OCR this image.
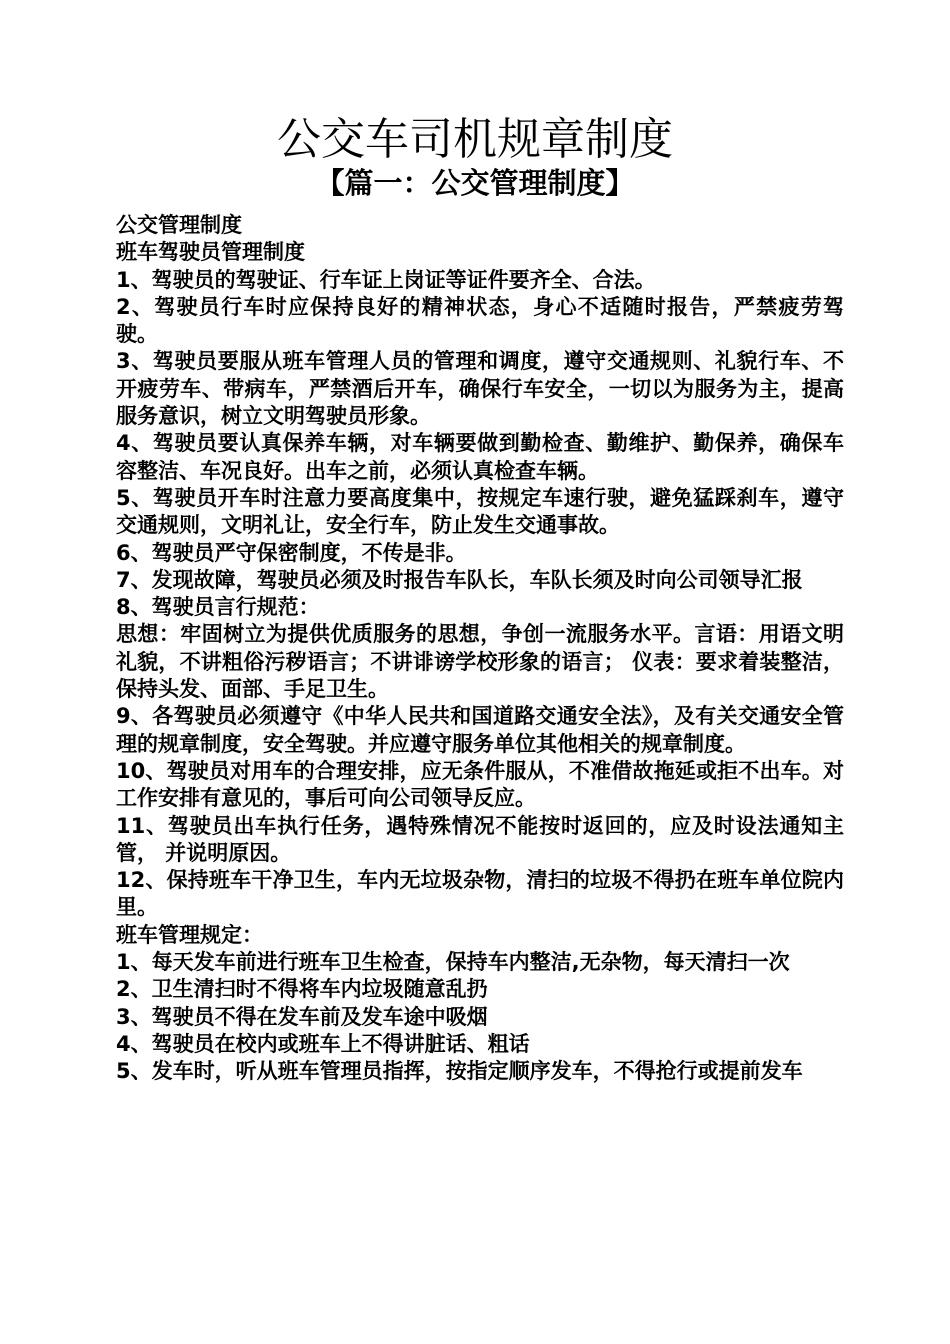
公交车司机规章制度
【篇一：公交管理制度】

公交管理制度

班车驾驶员管理制度

1、驾驶员的驾驶证、行车证上岗证等证件要齐全、合法。

2、驾驶员行车时应保持良好的精神状态，身心不适随时报告，严禁疲劳驾驶。

3、驾驶员要服从班车管理人员的管理和调度，遵守交通规则、礼貌行车、不开疲劳车、带病车，严禁酒后开车，确保行车安全，一切以为服务为主，提高服务意识，树立文明驾驶员形象。

4、驾驶员要认真保养车辆，对车辆要做到勤检查、勤维护、勤保养，确保车容整洁、车况良好。出车之前，必须认真检查车辆。

5、驾驶员开车时注意力要高度集中，按规定车速行驶，避免猛踩刹车，遵守交通规则，文明礼让，安全行车，防止发生交通事故。

6、驾驶员严守保密制度，不传是非。

7、发现故障，驾驶员必须及时报告车队长，车队长须及时向公司领导汇报

8、驾驶员言行规范：

思想：牢固树立为提供优质服务的思想，争创一流服务水平。言语：用语文明礼貌，不讲粗俗污秽语言；不讲诽谤学校形象的语言； 仪表：要求着装整洁，保持头发、面部、手足卫生。

9、各驾驶员必须遵守《中华人民共和国道路交通安全法》，及有关交通安全管理的规章制度，安全驾驶。并应遵守服务单位其他相关的规章制度。

10、驾驶员对用车的合理安排，应无条件服从，不准借故拖延或拒不出车。对 工作安排有意见的，事后可向公司领导反应。

11、驾驶员出车执行任务，遇特殊情况不能按时返回的，应及时设法通知主管， 并说明原因。

12、保持班车干净卫生，车内无垃圾杂物，清扫的垃圾不得扔在班车单位院内里。

班车管理规定：

1、每天发车前进行班车卫生检查，保持车内整洁,无杂物，每天清扫一次

2、卫生清扫时不得将车内垃圾随意乱扔

3、驾驶员不得在发车前及发车途中吸烟

4、驾驶员在校内或班车上不得讲脏话、粗话

5、发车时，听从班车管理员指挥，按指定顺序发车，不得抢行或提前发车
